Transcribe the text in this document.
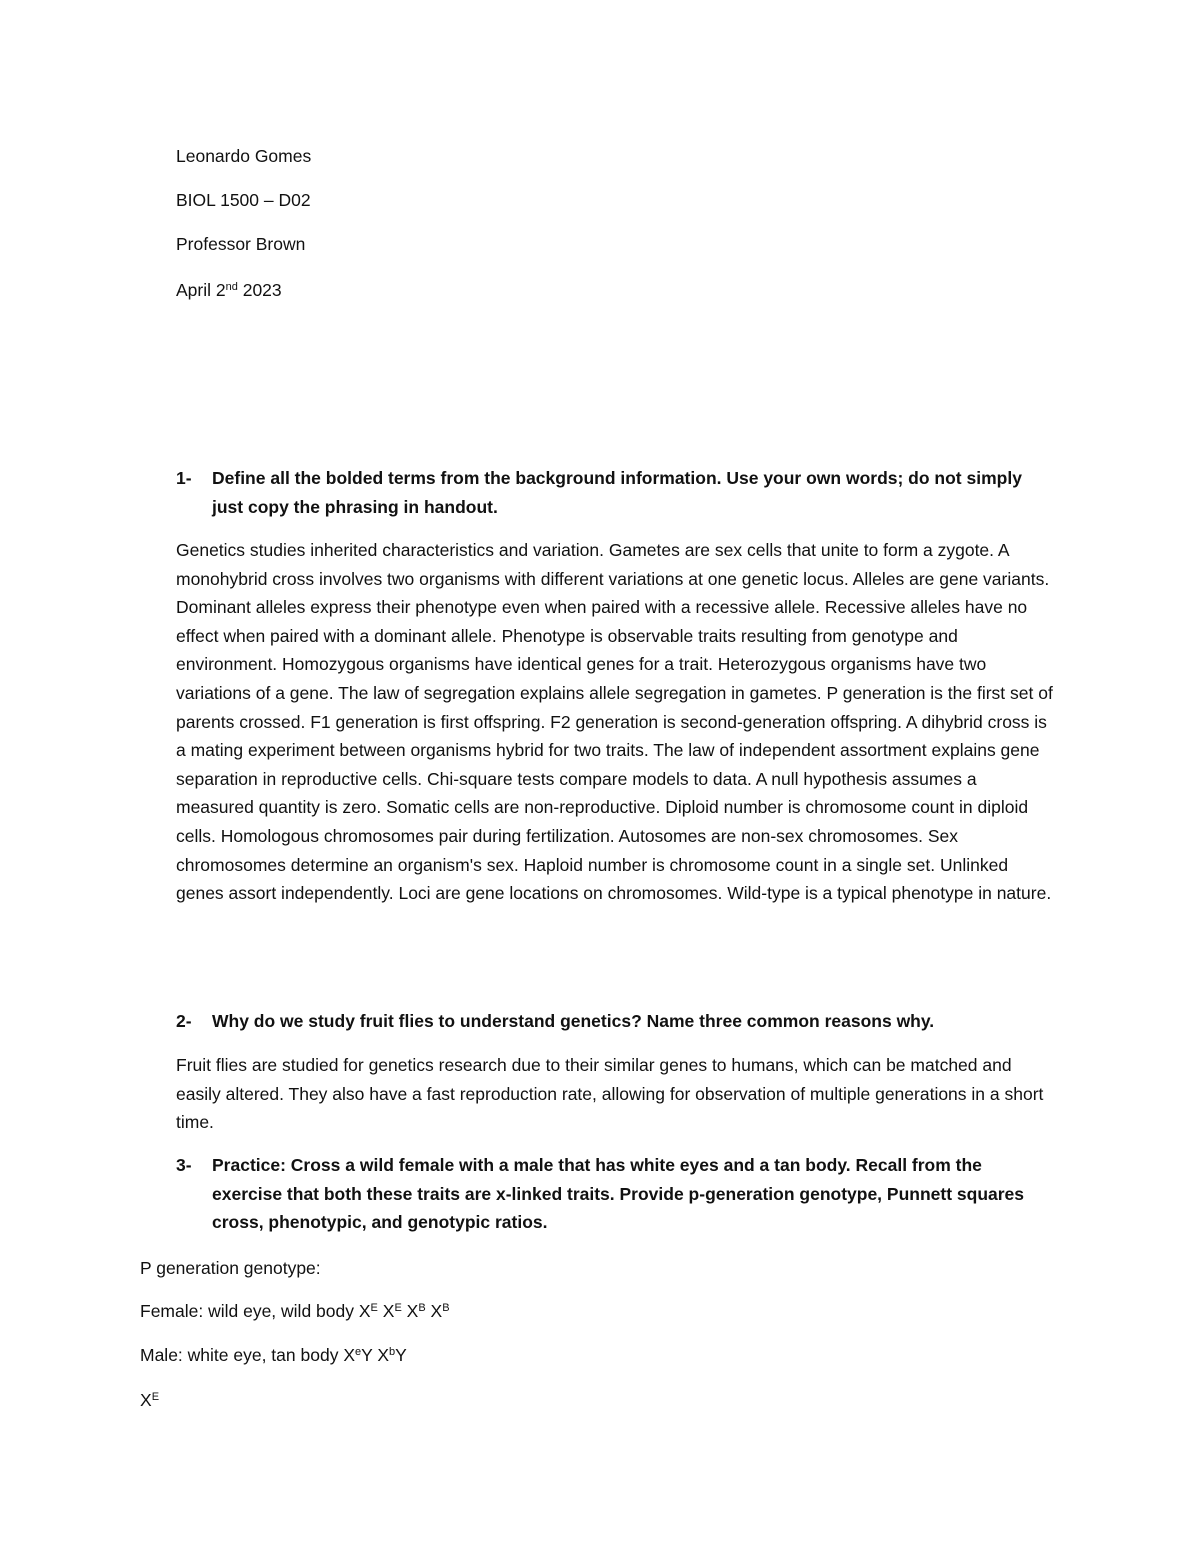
Leonardo Gomes

BIOL 1500 – D02

Professor Brown

April 2nd 2023

1- Define all the bolded terms from the background information. Use your own words; do not simply just copy the phrasing in handout.

Genetics studies inherited characteristics and variation. Gametes are sex cells that unite to form a zygote. A monohybrid cross involves two organisms with different variations at one genetic locus. Alleles are gene variants. Dominant alleles express their phenotype even when paired with a recessive allele. Recessive alleles have no effect when paired with a dominant allele. Phenotype is observable traits resulting from genotype and environment. Homozygous organisms have identical genes for a trait. Heterozygous organisms have two variations of a gene. The law of segregation explains allele segregation in gametes. P generation is the first set of parents crossed. F1 generation is first offspring. F2 generation is second-generation offspring. A dihybrid cross is a mating experiment between organisms hybrid for two traits. The law of independent assortment explains gene separation in reproductive cells. Chi-square tests compare models to data. A null hypothesis assumes a measured quantity is zero. Somatic cells are non-reproductive. Diploid number is chromosome count in diploid cells. Homologous chromosomes pair during fertilization. Autosomes are non-sex chromosomes. Sex chromosomes determine an organism's sex. Haploid number is chromosome count in a single set. Unlinked genes assort independently. Loci are gene locations on chromosomes. Wild-type is a typical phenotype in nature.

2- Why do we study fruit flies to understand genetics? Name three common reasons why.

Fruit flies are studied for genetics research due to their similar genes to humans, which can be matched and easily altered. They also have a fast reproduction rate, allowing for observation of multiple generations in a short time.

3- Practice: Cross a wild female with a male that has white eyes and a tan body. Recall from the exercise that both these traits are x-linked traits. Provide p-generation genotype, Punnett squares cross, phenotypic, and genotypic ratios.

P generation genotype:

Female: wild eye, wild body $X^E$ $X^E$ $X^B$ $X^B$

Male: white eye, tan body XeY $X^bY$

$X^E$
